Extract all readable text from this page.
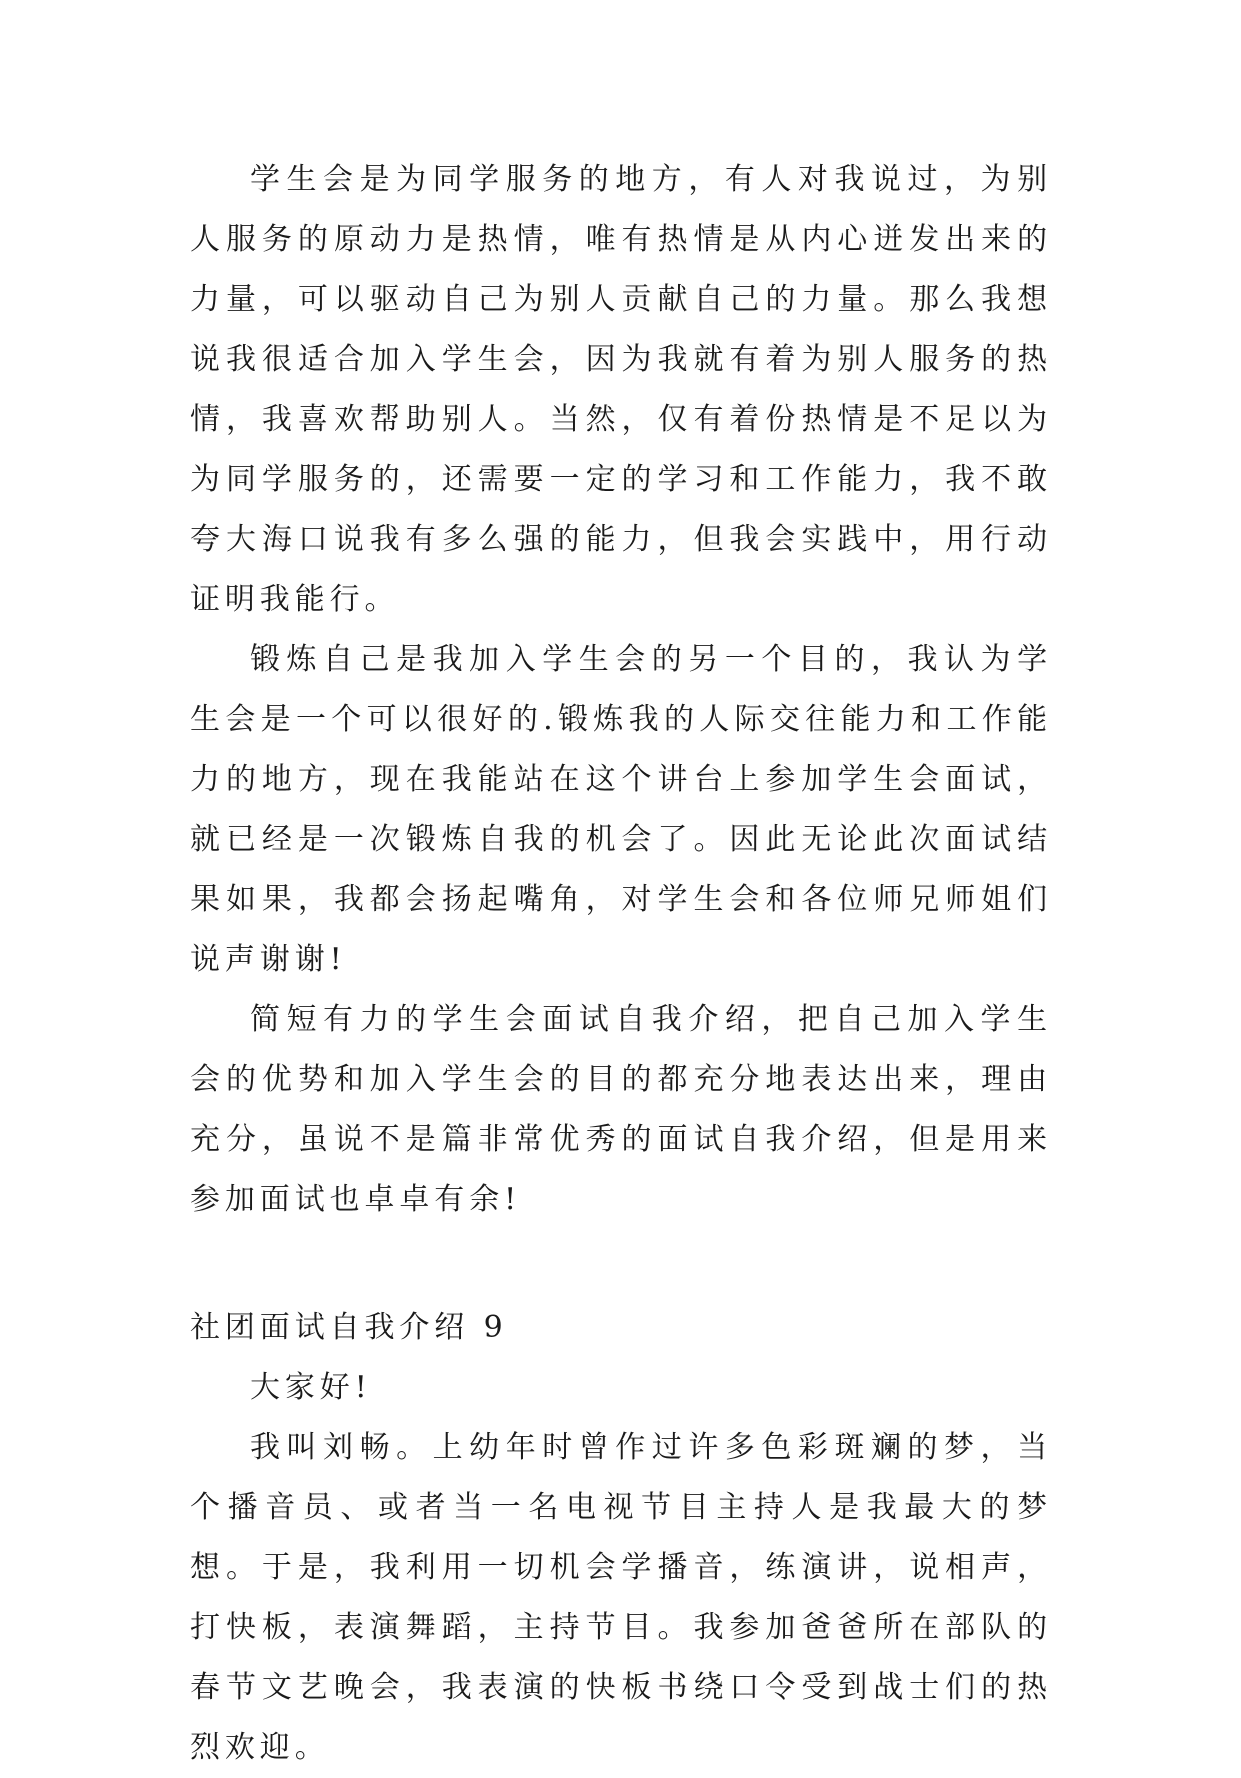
学生会是为同学服务的地方，有人对我说过，为别人服务的原动力是热情，唯有热情是从内心迸发出来的力量，可以驱动自己为别人贡献自己的力量。那么我想说我很适合加入学生会，因为我就有着为别人服务的热情，我喜欢帮助别人。当然，仅有着份热情是不足以为为同学服务的，还需要一定的学习和工作能力，我不敢夸大海口说我有多么强的能力，但我会实践中，用行动证明我能行。

锻炼自己是我加入学生会的另一个目的，我认为学生会是一个可以很好的.锻炼我的人际交往能力和工作能力的地方，现在我能站在这个讲台上参加学生会面试，就已经是一次锻炼自我的机会了。因此无论此次面试结果如果，我都会扬起嘴角，对学生会和各位师兄师姐们说声谢谢!

简短有力的学生会面试自我介绍，把自己加入学生会的优势和加入学生会的目的都充分地表达出来，理由充分，虽说不是篇非常优秀的面试自我介绍，但是用来参加面试也卓卓有余!

社团面试自我介绍 9

大家好!

我叫刘畅。上幼年时曾作过许多色彩斑斓的梦，当个播音员、或者当一名电视节目主持人是我最大的梦想。于是，我利用一切机会学播音，练演讲，说相声，打快板，表演舞蹈，主持节目。我参加爸爸所在部队的春节文艺晚会，我表演的快板书绕口令受到战士们的热烈欢迎。
